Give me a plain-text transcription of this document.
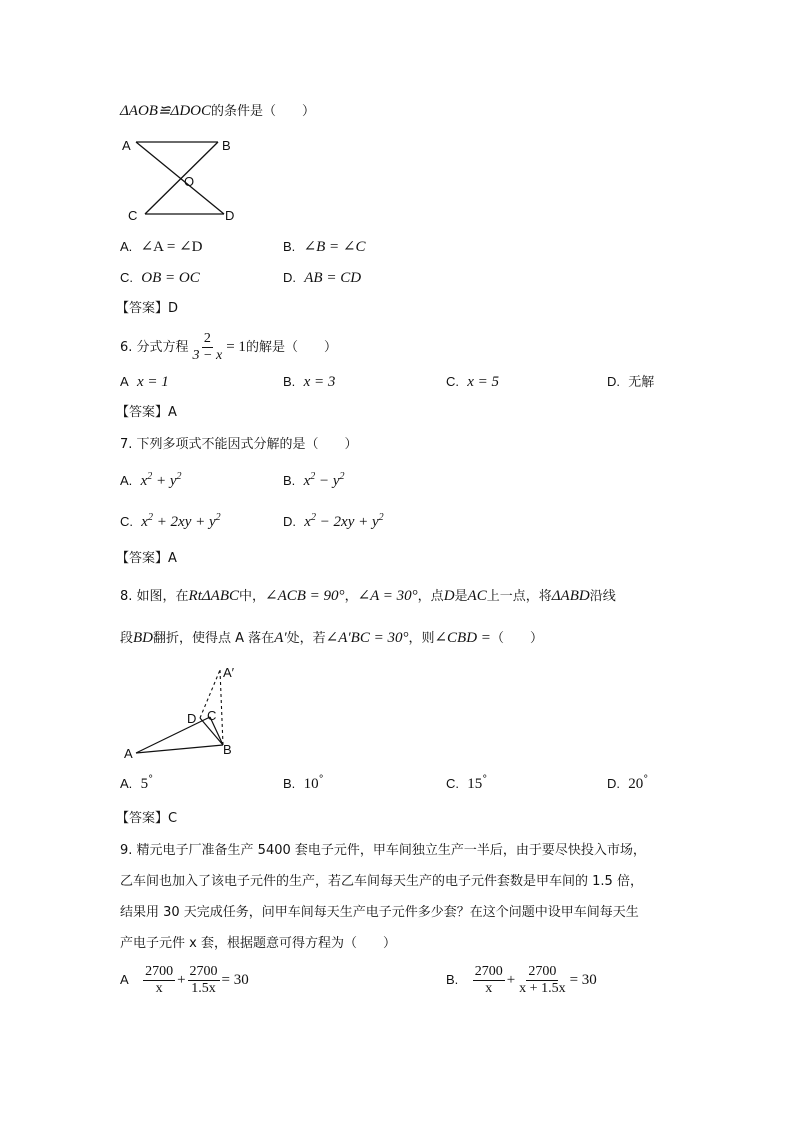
ΔAOB≌ΔDOC的条件是（　　）
A	B
O
C	D
A. ∠A = ∠D	B. ∠B = ∠C
C. OB = OC	D. AB = CD
【答案】D
6. 分式方程 $\frac{2}{3 - x} = 1$的解是（　　）
A x = 1	B. x = 3	C. x = 5	D. 无解
【答案】A
7. 下列多项式不能因式分解的是（　　）
A. $x^2 + y^2$	B. $x^2 - y^2$
C. $x^2 + 2xy + y^2$	D. $x^2 - 2xy + y^2$
【答案】A
8. 如图，在RtΔABC中，∠ACB = 90°，∠A = 30°，点D是AC上一点，将ΔABD沿线
段BD翻折，使得点 A 落在A′处，若∠A′BC = 30°，则∠CBD =（　　）
A′
D C
A	B
A. 5°	B. 10°	C. 15°	D. 20°
【答案】C
9. 精元电子厂准备生产 5400 套电子元件，甲车间独立生产一半后，由于要尽快投入市场，
乙车间也加入了该电子元件的生产，若乙车间每天生产的电子元件套数是甲车间的 1.5 倍，
结果用 30 天完成任务，问甲车间每天生产电子元件多少套？在这个问题中设甲车间每天生
产电子元件 x 套，根据题意可得方程为（　　）
A $\frac{2700}{x} + \frac{2700}{1.5x} = 30$	B. $\frac{2700}{x} + \frac{2700}{x + 1.5x} = 30$
